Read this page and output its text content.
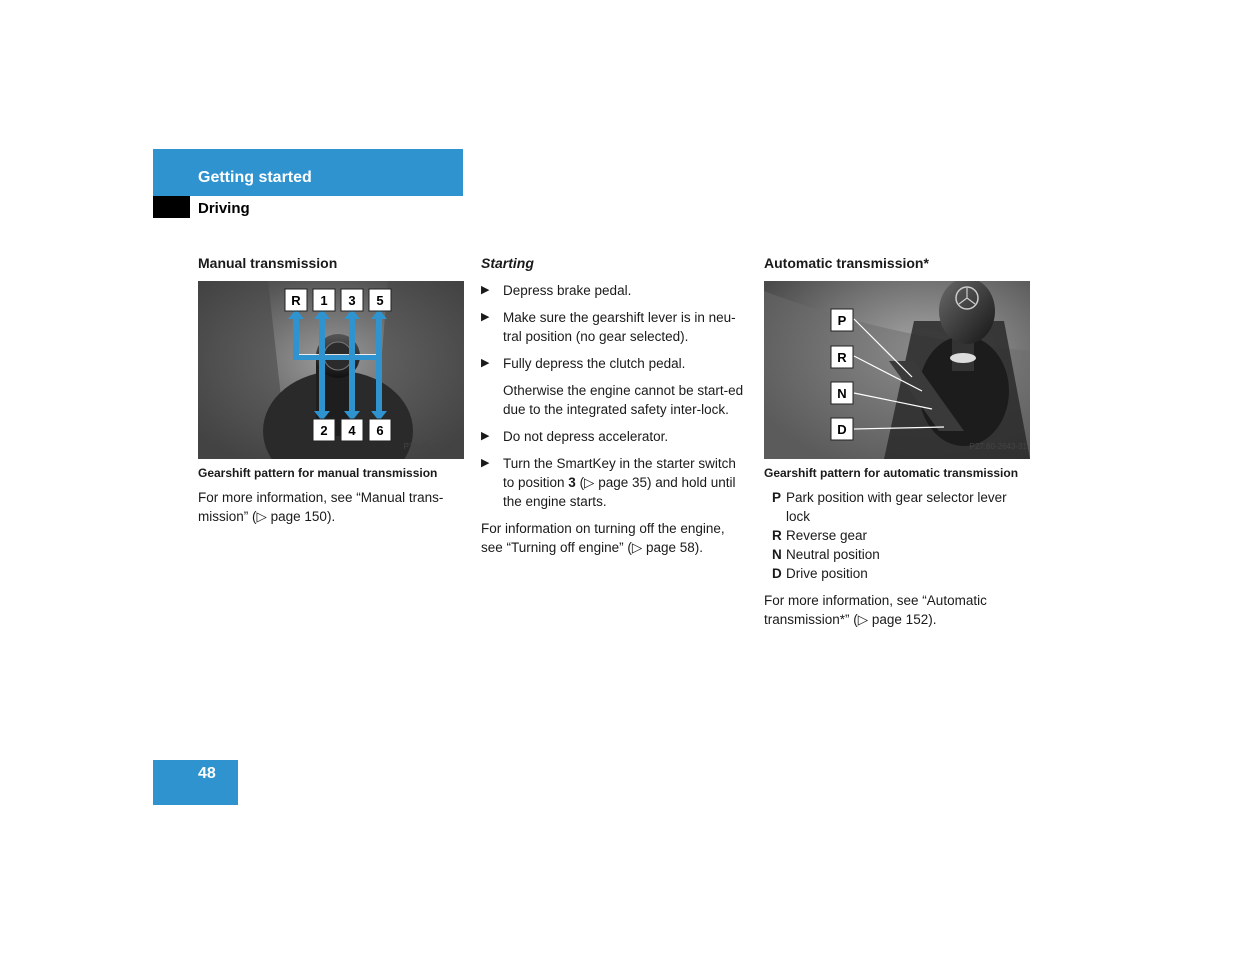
Getting started
Driving
Manual transmission
R 1 3 5
2 4 6
P26.60-2247-31
Gearshift pattern for manual transmission

For more information, see “Manual trans-mission” (▷ page 150).

Starting
▶ Depress brake pedal.
▶ Make sure the gearshift lever is in neu-tral position (no gear selected).
▶ Fully depress the clutch pedal.
Otherwise the engine cannot be start-ed due to the integrated safety inter-lock.
▶ Do not depress accelerator.
▶ Turn the SmartKey in the starter switch to position 3 (▷ page 35) and hold until the engine starts.

For information on turning off the engine, see “Turning off engine” (▷ page 58).

Automatic transmission*
P
R
N
D
P27.60-2643-31
Gearshift pattern for automatic transmission
P Park position with gear selector lever lock
R Reverse gear
N Neutral position
D Drive position

For more information, see “Automatic transmission*” (▷ page 152).

48
